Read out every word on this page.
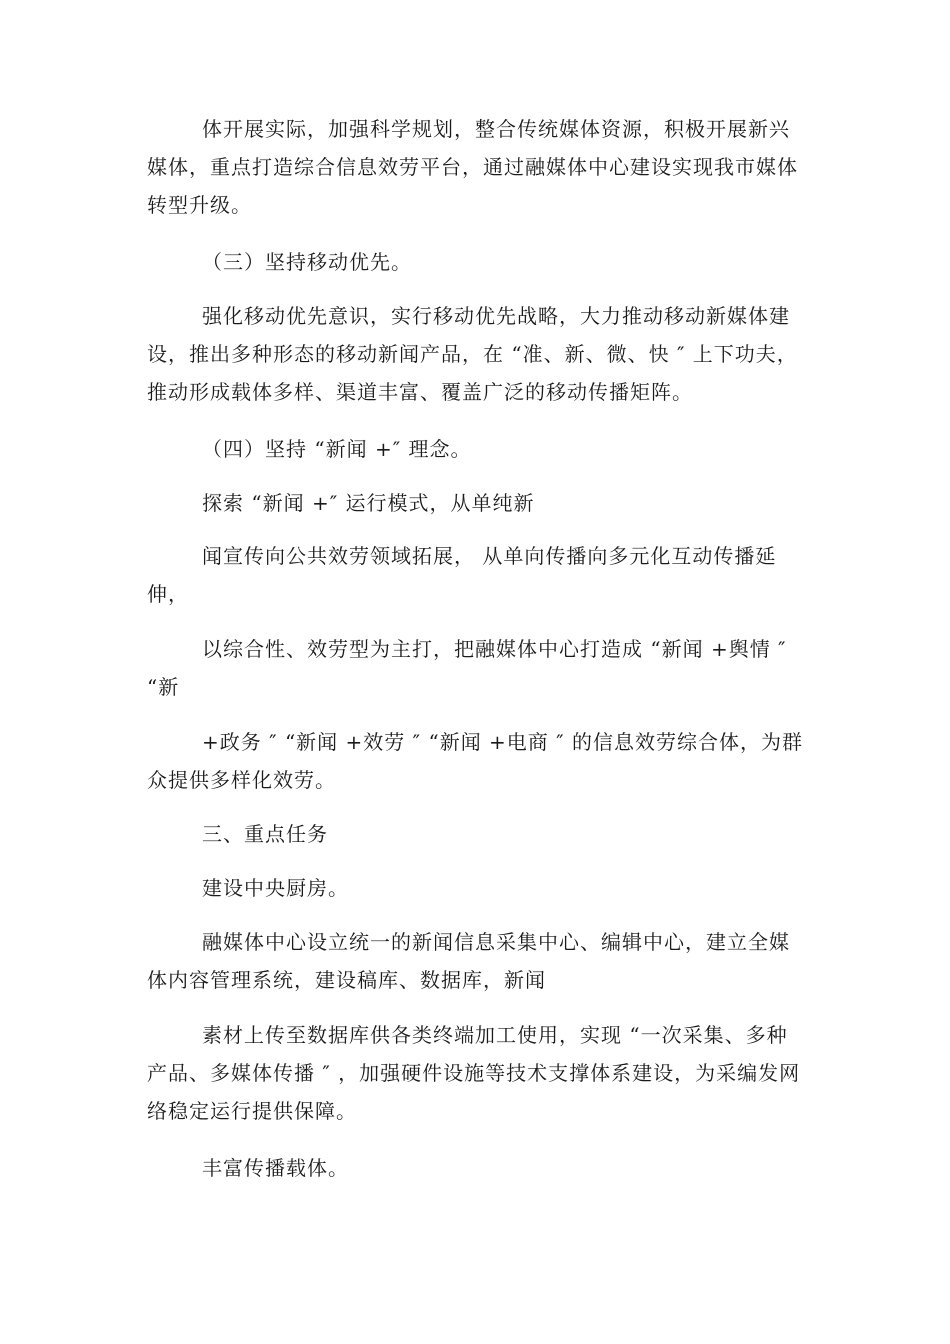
体开展实际，加强科学规划，整合传统媒体资源，积极开展新兴媒体，重点打造综合信息效劳平台，通过融媒体中心建设实现我市媒体转型升级。

（三）坚持移动优先。

强化移动优先意识，实行移动优先战略，大力推动移动新媒体建设，推出多种形态的移动新闻产品，在 “准、新、微、快 ″ 上下功夫，推动形成载体多样、渠道丰富、覆盖广泛的移动传播矩阵。

（四）坚持 “新闻 +″ 理念。

探索 “新闻 +″ 运行模式，从单纯新

闻宣传向公共效劳领域拓展， 从单向传播向多元化互动传播延伸，

以综合性、效劳型为主打，把融媒体中心打造成 “新闻 +舆情 ″ “新

+政务 ″ “新闻 +效劳 ″ “新闻 +电商 ″ 的信息效劳综合体，为群众提供多样化效劳。

三、重点任务

建设中央厨房。

融媒体中心设立统一的新闻信息采集中心、编辑中心，建立全媒体内容管理系统，建设稿库、数据库，新闻

素材上传至数据库供各类终端加工使用，实现 “一次采集、多种产品、多媒体传播 ″ ，加强硬件设施等技术支撑体系建设，为采编发网络稳定运行提供保障。

丰富传播载体。
